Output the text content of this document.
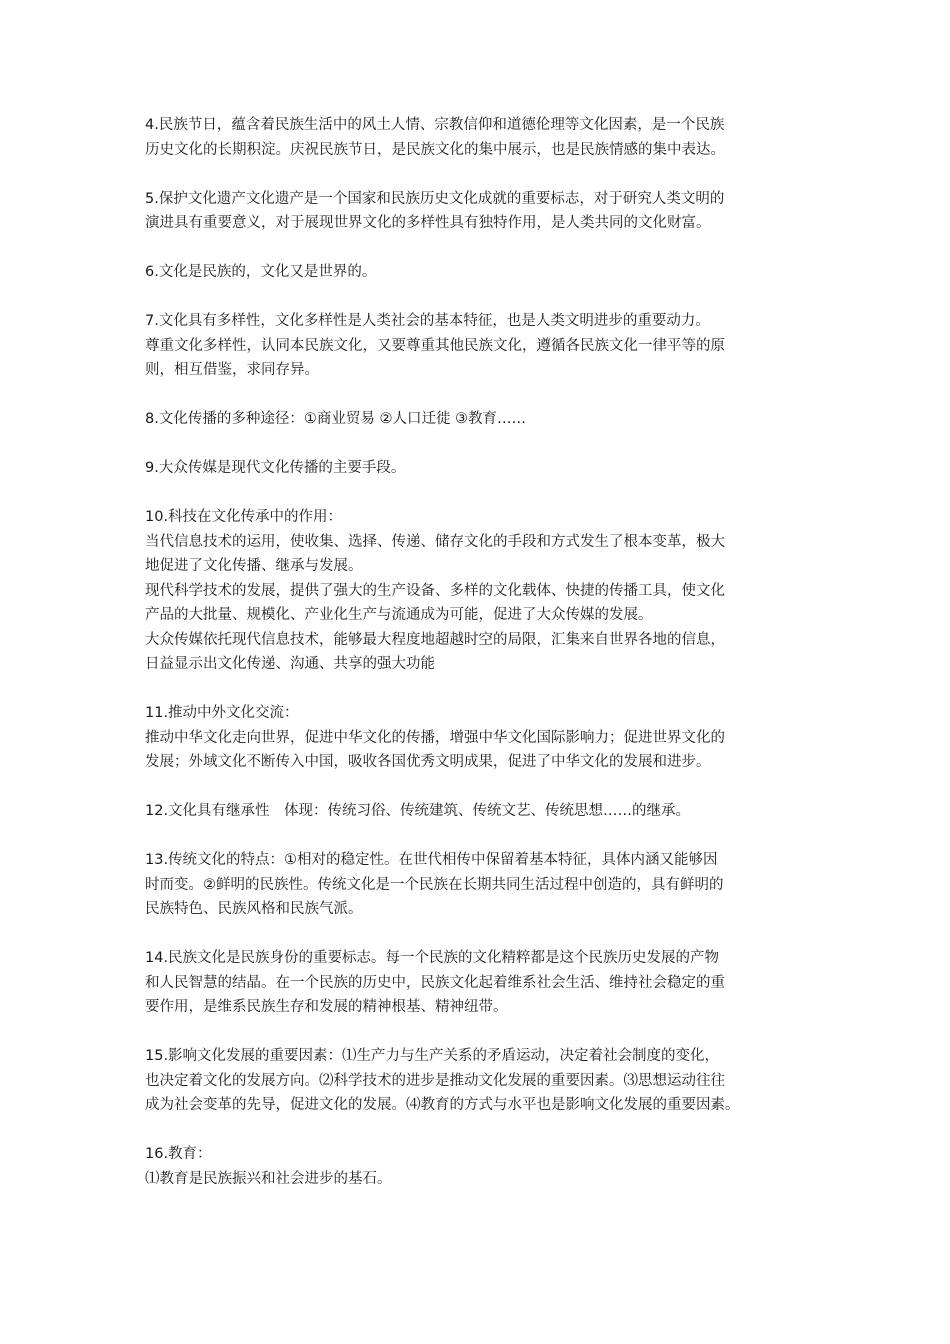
4.民族节日，蕴含着民族生活中的风土人情、宗教信仰和道德伦理等文化因素，是一个民族
历史文化的长期积淀。庆祝民族节日，是民族文化的集中展示，也是民族情感的集中表达。

5.保护文化遗产文化遗产是一个国家和民族历史文化成就的重要标志，对于研究人类文明的
演进具有重要意义，对于展现世界文化的多样性具有独特作用，是人类共同的文化财富。

6.文化是民族的，文化又是世界的。

7.文化具有多样性，文化多样性是人类社会的基本特征，也是人类文明进步的重要动力。
尊重文化多样性，认同本民族文化，又要尊重其他民族文化，遵循各民族文化一律平等的原
则，相互借鉴，求同存异。

8.文化传播的多种途径：①商业贸易 ②人口迁徙 ③教育……

9.大众传媒是现代文化传播的主要手段。

10.科技在文化传承中的作用：
当代信息技术的运用，使收集、选择、传递、储存文化的手段和方式发生了根本变革，极大
地促进了文化传播、继承与发展。
现代科学技术的发展，提供了强大的生产设备、多样的文化载体、快捷的传播工具，使文化
产品的大批量、规模化、产业化生产与流通成为可能，促进了大众传媒的发展。
大众传媒依托现代信息技术，能够最大程度地超越时空的局限，汇集来自世界各地的信息，
日益显示出文化传递、沟通、共享的强大功能

11.推动中外文化交流：
推动中华文化走向世界，促进中华文化的传播，增强中华文化国际影响力；促进世界文化的
发展；外域文化不断传入中国，吸收各国优秀文明成果，促进了中华文化的发展和进步。

12.文化具有继承性　体现：传统习俗、传统建筑、传统文艺、传统思想……的继承。

13.传统文化的特点：①相对的稳定性。在世代相传中保留着基本特征，具体内涵又能够因
时而变。②鲜明的民族性。传统文化是一个民族在长期共同生活过程中创造的，具有鲜明的
民族特色、民族风格和民族气派。

14.民族文化是民族身份的重要标志。每一个民族的文化精粹都是这个民族历史发展的产物
和人民智慧的结晶。在一个民族的历史中，民族文化起着维系社会生活、维持社会稳定的重
要作用，是维系民族生存和发展的精神根基、精神纽带。

15.影响文化发展的重要因素：⑴生产力与生产关系的矛盾运动，决定着社会制度的变化，
也决定着文化的发展方向。⑵科学技术的进步是推动文化发展的重要因素。⑶思想运动往往
成为社会变革的先导，促进文化的发展。⑷教育的方式与水平也是影响文化发展的重要因素。

16.教育：
⑴教育是民族振兴和社会进步的基石。
